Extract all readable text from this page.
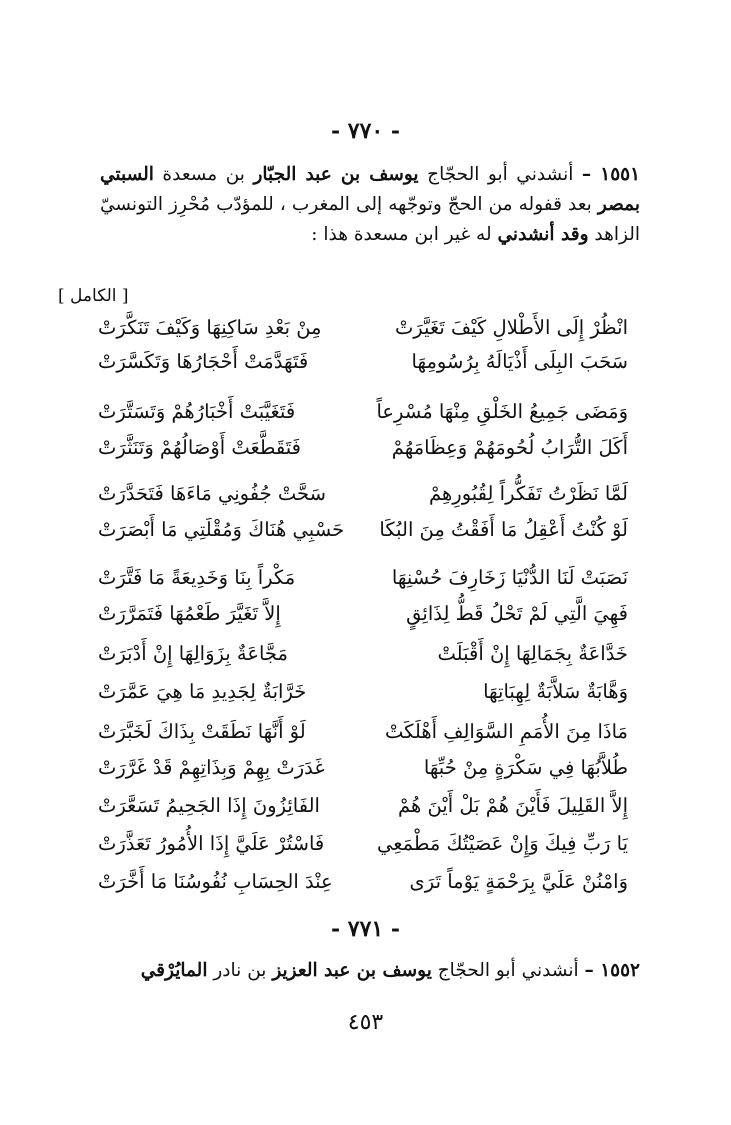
- ٧٧٠ -
١٥٥١ – أنشدني أبو الحجّاج يوسف بن عبد الجبّار بن مسعدة السبتي بمصر بعد قفوله من الحجّ وتوجّهه إلى المغرب ، للمؤدّب مُحْرِز التونسيّ الزاهد وقد أنشدني له غير ابن مسعدة هذا :
[ الكامل ]
انْظُرْ إِلَى الأَطْلالِ كَيْفَ تَغَيَّرَتْ
مِنْ بَعْدِ سَاكِنِهَا وَكَيْفَ تَنَكَّرَتْ
سَحَبَ البِلَى أَذْيَالَهُ بِرُسُومِهَا
فَتَهَدَّمَتْ أَحْجَارُهَا وَتَكَسَّرَتْ
وَمَضَى جَمِيعُ الخَلْقِ مِنْهَا مُسْرِعاً
فَتَغَيَّبَتْ أَخْبَارُهُمْ وَتَسَتَّرَتْ
أَكَلَ التُّرَابُ لُحُومَهُمْ وَعِظَامَهُمْ
فَتَقَطَّعَتْ أَوْصَالُهُمْ وَتَنَثَّرَتْ
لَمَّا نَظَرْتُ تَفَكُّراً لِقُبُورِهِمْ
سَحَّتْ جُفُونِي مَاءَهَا فَتَحَدَّرَتْ
لَوْ كُنْتُ أَعْقِلُ مَا أَفَقْتُ مِنَ البُكَا
حَسْبِي هُنَاكَ وَمُقْلَتِي مَا أَبْصَرَتْ
نَصَبَتْ لَنَا الدُّنْيَا زَخَارِفَ حُسْنِهَا
مَكْراً بِنَا وَخَدِيعَةً مَا فَتَّرَتْ
فَهِيَ الَّتِي لَمْ تَحْلُ قَطُّ لِذَائِقٍ
إِلاَّ تَغَيَّرَ طَعْمُهَا فَتَمَرَّرَتْ
خَدَّاعَةٌ بِجَمَالِهَا إِنْ أَقْبَلَتْ
مَجَّاعَةٌ بِزَوَالِهَا إِنْ أَدْبَرَتْ
وَهَّابَةٌ سَلاَّبَةٌ لِهِبَاتِهَا
خَرَّابَةٌ لِجَدِيدِ مَا هِيَ عَمَّرَتْ
مَاذَا مِنَ الأُمَمِ السَّوَالِفِ أَهْلَكَتْ
لَوْ أَنَّهَا نَطَقَتْ بِذَاكَ لَخَبَّرَتْ
طُلاَّبُهَا فِي سَكْرَةٍ مِنْ حُبِّهَا
غَدَرَتْ بِهِمْ وَبِذَاتِهِمْ قَدْ غَرَّرَتْ
إِلاَّ القَلِيلَ فَأَيْنَ هُمْ بَلْ أَيْنَ هُمْ
الفَائِزُونَ إِذَا الجَحِيمُ تَسَعَّرَتْ
يَا رَبِّ فِيكَ وَإِنْ عَصَيْتُكَ مَطْمَعِي
فَاسْتُرْ عَلَيَّ إِذَا الأُمُورُ تَعَذَّرَتْ
وَامْنُنْ عَلَيَّ بِرَحْمَةٍ يَوْماً تَرَى
عِنْدَ الحِسَابِ نُفُوسُنَا مَا أَخَّرَتْ
- ٧٧١ -
١٥٥٢ – أنشدني أبو الحجّاج يوسف بن عبد العزيز بن نادر المايُرْقي
٤٥٣
